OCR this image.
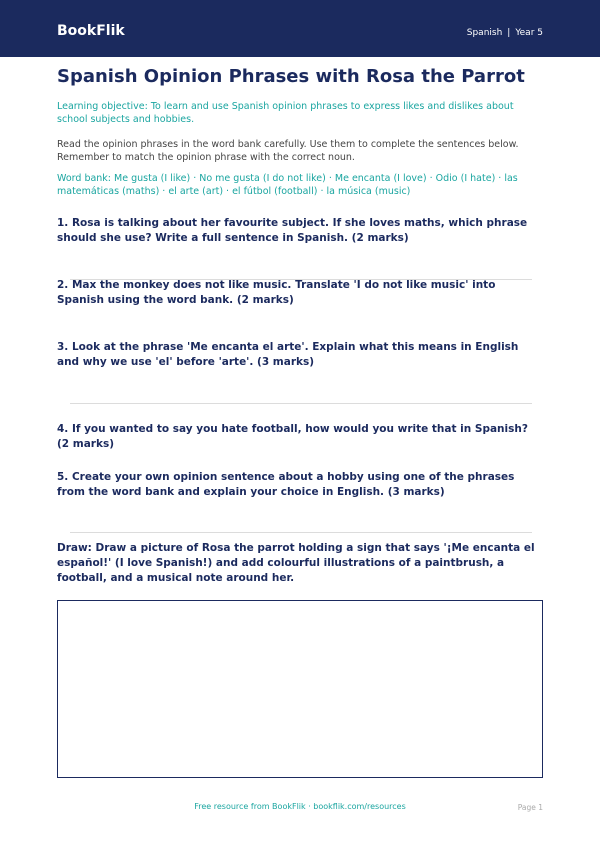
BookFlik	Spanish | Year 5
Spanish Opinion Phrases with Rosa the Parrot
Learning objective: To learn and use Spanish opinion phrases to express likes and dislikes about school subjects and hobbies.
Read the opinion phrases in the word bank carefully. Use them to complete the sentences below. Remember to match the opinion phrase with the correct noun.
Word bank: Me gusta (I like) · No me gusta (I do not like) · Me encanta (I love) · Odio (I hate) · las matemáticas (maths) · el arte (art) · el fútbol (football) · la música (music)
1. Rosa is talking about her favourite subject. If she loves maths, which phrase should she use? Write a full sentence in Spanish. (2 marks)
2. Max the monkey does not like music. Translate 'I do not like music' into Spanish using the word bank. (2 marks)
3. Look at the phrase 'Me encanta el arte'. Explain what this means in English and why we use 'el' before 'arte'. (3 marks)
4. If you wanted to say you hate football, how would you write that in Spanish? (2 marks)
5. Create your own opinion sentence about a hobby using one of the phrases from the word bank and explain your choice in English. (3 marks)
Draw: Draw a picture of Rosa the parrot holding a sign that says '¡Me encanta el español!' (I love Spanish!) and add colourful illustrations of a paintbrush, a football, and a musical note around her.
Free resource from BookFlik · bookflik.com/resources	Page 1
